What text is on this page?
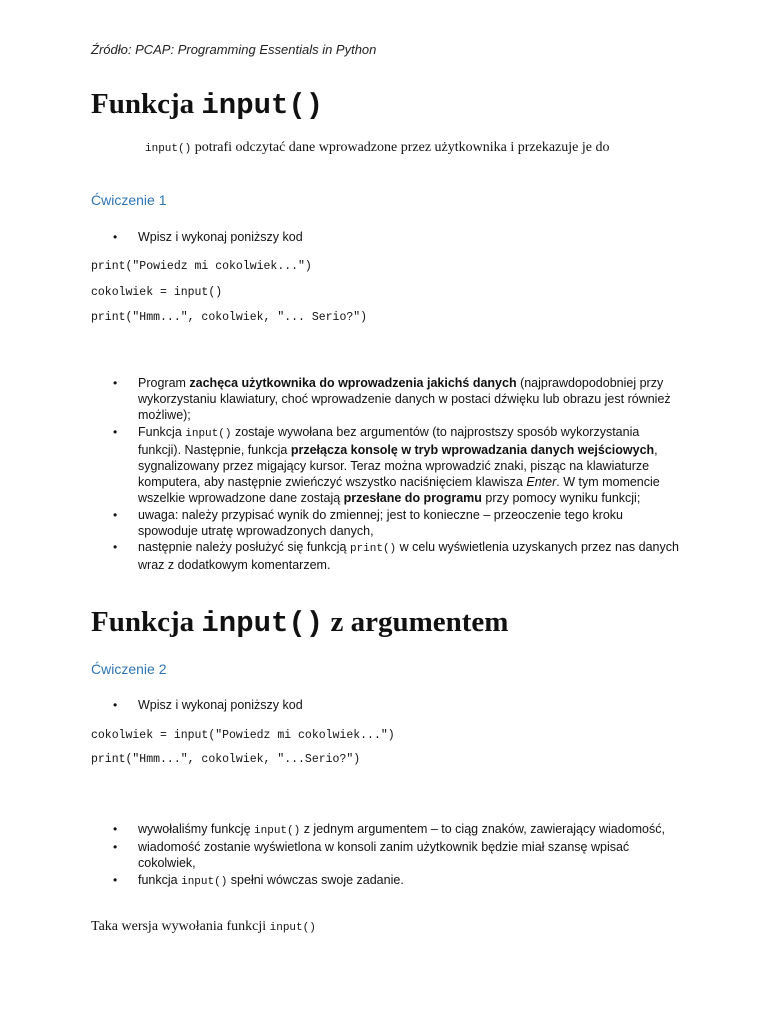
Źródło: PCAP: Programming Essentials in Python
Funkcja input()
input() potrafi odczytać dane wprowadzone przez użytkownika i przekazuje je do
Ćwiczenie 1
• Wpisz i wykonaj poniższy kod
print("Powiedz mi cokolwiek...")
cokolwiek = input()
print("Hmm...", cokolwiek, "... Serio?")
• Program zachęca użytkownika do wprowadzenia jakichś danych (najprawdopodobniej przy wykorzystaniu klawiatury, choć wprowadzenie danych w postaci dźwięku lub obrazu jest również możliwe);
• Funkcja input() zostaje wywołana bez argumentów (to najprostszy sposób wykorzystania funkcji). Następnie, funkcja przełącza konsolę w tryb wprowadzania danych wejściowych, sygnalizowany przez migający kursor. Teraz można wprowadzić znaki, pisząc na klawiaturze komputera, aby następnie zwieńczyć wszystko naciśnięciem klawisza Enter. W tym momencie wszelkie wprowadzone dane zostają przesłane do programu przy pomocy wyniku funkcji;
• uwaga: należy przypisać wynik do zmiennej; jest to konieczne – przeoczenie tego kroku spowoduje utratę wprowadzonych danych,
• następnie należy posłużyć się funkcją print() w celu wyświetlenia uzyskanych przez nas danych wraz z dodatkowym komentarzem.
Funkcja input() z argumentem
Ćwiczenie 2
• Wpisz i wykonaj poniższy kod
cokolwiek = input("Powiedz mi cokolwiek...")
print("Hmm...", cokolwiek, "...Serio?")
• wywołaliśmy funkcję input() z jednym argumentem – to ciąg znaków, zawierający wiadomość,
• wiadomość zostanie wyświetlona w konsoli zanim użytkownik będzie miał szansę wpisać cokolwiek,
• funkcja input() spełni wówczas swoje zadanie.
Taka wersja wywołania funkcji input()
